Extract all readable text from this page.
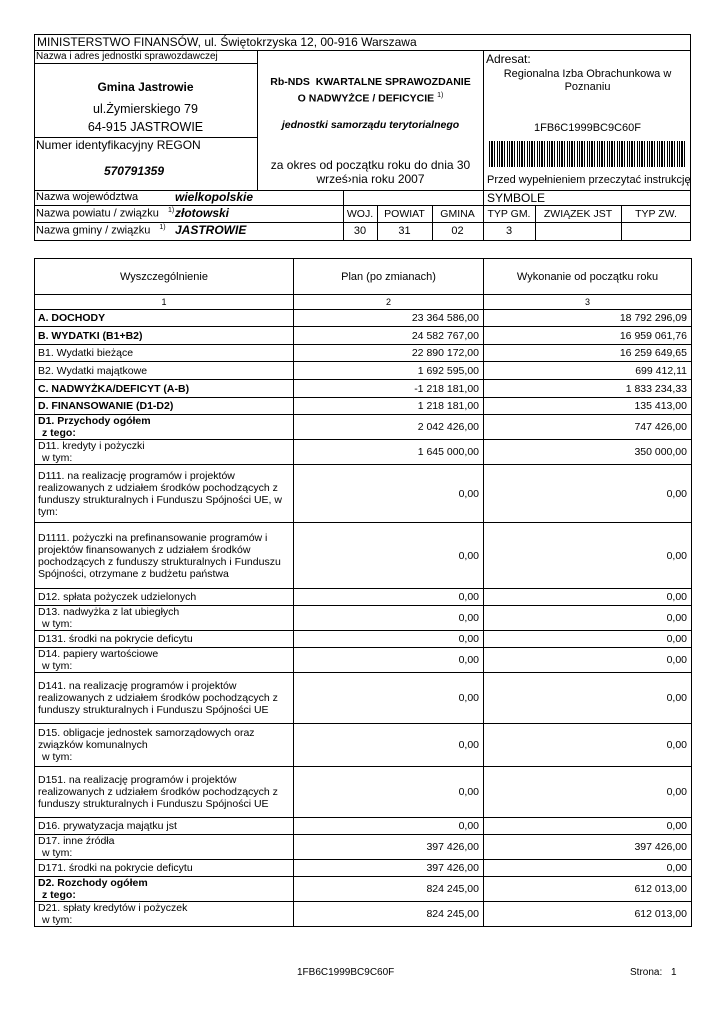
MINISTERSTWO FINANSÓW, ul. Świętokrzyska 12, 00-916 Warszawa
Nazwa i adres jednostki sprawozdawczej
Gmina Jastrowie
ul.Żymierskiego 79
64-915 JASTROWIE
Numer identyfikacyjny REGON
570791359
Rb-NDS KWARTALNE SPRAWOZDANIE
O NADWYŻCE / DEFICYCIE $^{1)}$
jednostki samorządu terytorialnego
za okres od początku roku do dnia 30
wrześ›nia roku 2007
Adresat:
Regionalna Izba Obrachunkowa w
Poznaniu
1FB6C1999BC9C60F
Przed wypełnieniem przeczytać instrukcję
Nazwa województwa	wielkopolskie
Nazwa powiatu / związku $^{1)}$ złotowski
Nazwa gminy / związku $^{1)}$ JASTROWIE
SYMBOLE
WOJ.	POWIAT	GMINA	TYP GM.	ZWIĄZEK JST	TYP ZW.
30	31	02	3
Wyszczególnienie	Plan (po zmianach)	Wykonanie od początku roku
1	2	3
A. DOCHODY	23 364 586,00	18 792 296,09
B. WYDATKI (B1+B2)	24 582 767,00	16 959 061,76
B1. Wydatki bieżące	22 890 172,00	16 259 649,65
B2. Wydatki majątkowe	1 692 595,00	699 412,11
C. NADWYŻKA/DEFICYT (A-B)	-1 218 181,00	1 833 234,33
D. FINANSOWANIE (D1-D2)	1 218 181,00	135 413,00
D1. Przychody ogółem
z tego:	2 042 426,00	747 426,00
D11. kredyty i pożyczki
w tym:	1 645 000,00	350 000,00
D111. na realizację programów i projektów realizowanych z udziałem środków pochodzących z funduszy strukturalnych i Funduszu Spójności UE, w tym:	0,00	0,00
D1111. pożyczki na prefinansowanie programów i projektów finansowanych z udziałem środków pochodzących z funduszy strukturalnych i Funduszu Spójności, otrzymane z budżetu państwa	0,00	0,00
D12. spłata pożyczek udzielonych	0,00	0,00
D13. nadwyżka z lat ubiegłych
w tym:	0,00	0,00
D131. środki na pokrycie deficytu	0,00	0,00
D14. papiery wartościowe
w tym:	0,00	0,00
D141. na realizację programów i projektów realizowanych z udziałem środków pochodzących z funduszy strukturalnych i Funduszu Spójności UE	0,00	0,00
D15. obligacje jednostek samorządowych oraz związków komunalnych
w tym:	0,00	0,00
D151. na realizację programów i projektów realizowanych z udziałem środków pochodzących z funduszy strukturalnych i Funduszu Spójności UE	0,00	0,00
D16. prywatyzacja majątku jst	0,00	0,00
D17. inne źródła
w tym:	397 426,00	397 426,00
D171. środki na pokrycie deficytu	397 426,00	0,00
D2. Rozchody ogółem
z tego:	824 245,00	612 013,00
D21. spłaty kredytów i pożyczek
w tym:	824 245,00	612 013,00
1FB6C1999BC9C60F	Strona: 1
